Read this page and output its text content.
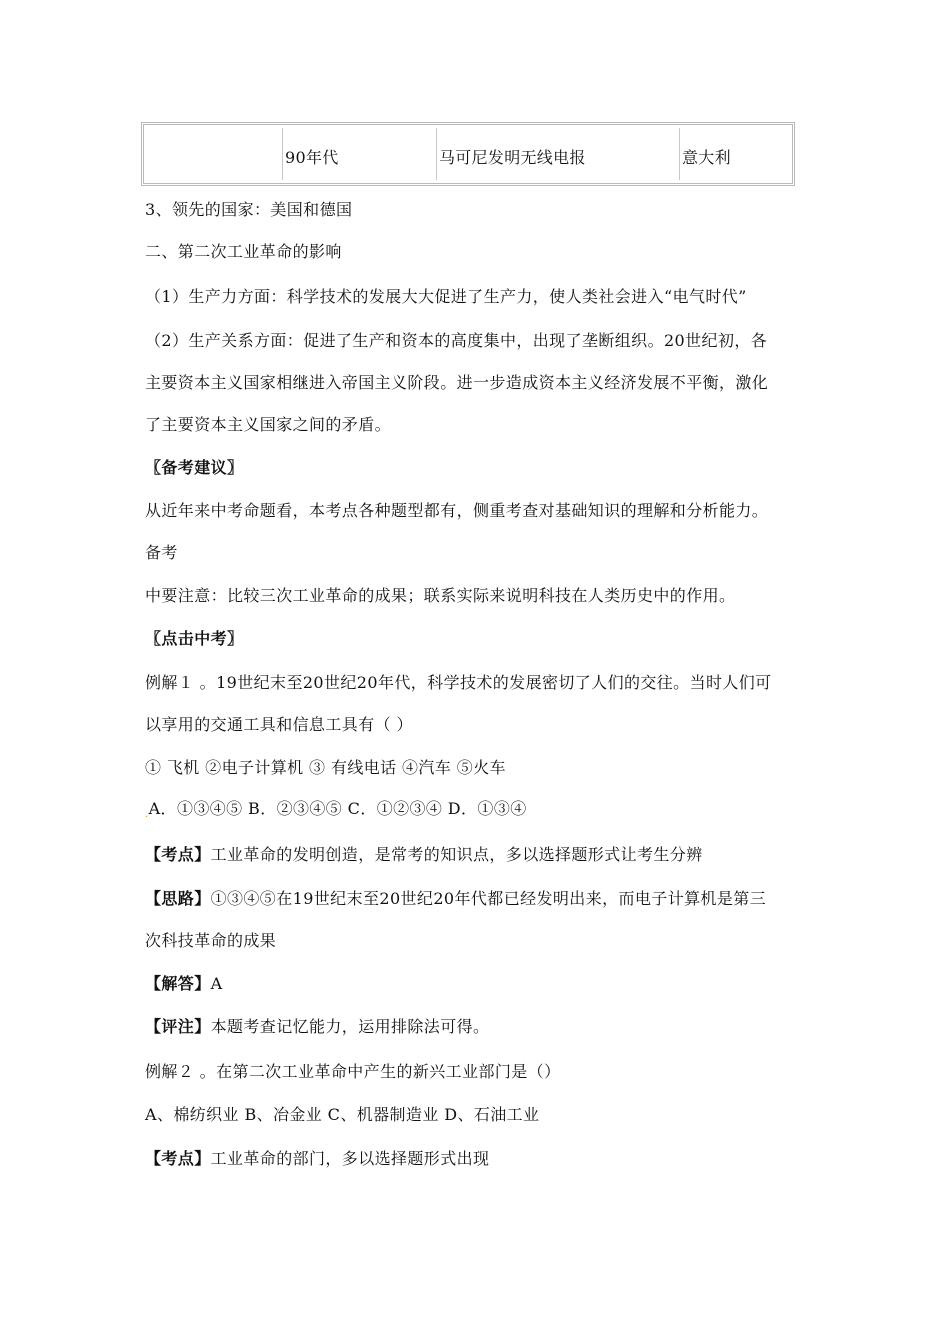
90年代	马可尼发明无线电报	意大利
3、领先的国家：美国和德国
二、第二次工业革命的影响
（1）生产力方面：科学技术的发展大大促进了生产力，使人类社会进入“电气时代”
（2）生产关系方面：促进了生产和资本的高度集中，出现了垄断组织。20世纪初，各
主要资本主义国家相继进入帝国主义阶段。进一步造成资本主义经济发展不平衡，激化
了主要资本主义国家之间的矛盾。
〖备考建议〗
从近年来中考命题看，本考点各种题型都有，侧重考查对基础知识的理解和分析能力。
备考
中要注意：比较三次工业革命的成果；联系实际来说明科技在人类历史中的作用。
〖点击中考〗
例解１ 。19世纪末至20世纪20年代，科学技术的发展密切了人们的交往。当时人们可
以享用的交通工具和信息工具有（ ）
① 飞机 ②电子计算机 ③ 有线电话 ④汽车 ⑤火车
.A．①③④⑤ B．②③④⑤ C．①②③④ D．①③④
【考点】工业革命的发明创造，是常考的知识点，多以选择题形式让考生分辨
【思路】①③④⑤在19世纪末至20世纪20年代都已经发明出来，而电子计算机是第三
次科技革命的成果
【解答】A
【评注】本题考查记忆能力，运用排除法可得。
例解２ 。在第二次工业革命中产生的新兴工业部门是（）
A、棉纺织业 B、冶金业 C、机器制造业 D、石油工业
【考点】工业革命的部门，多以选择题形式出现
